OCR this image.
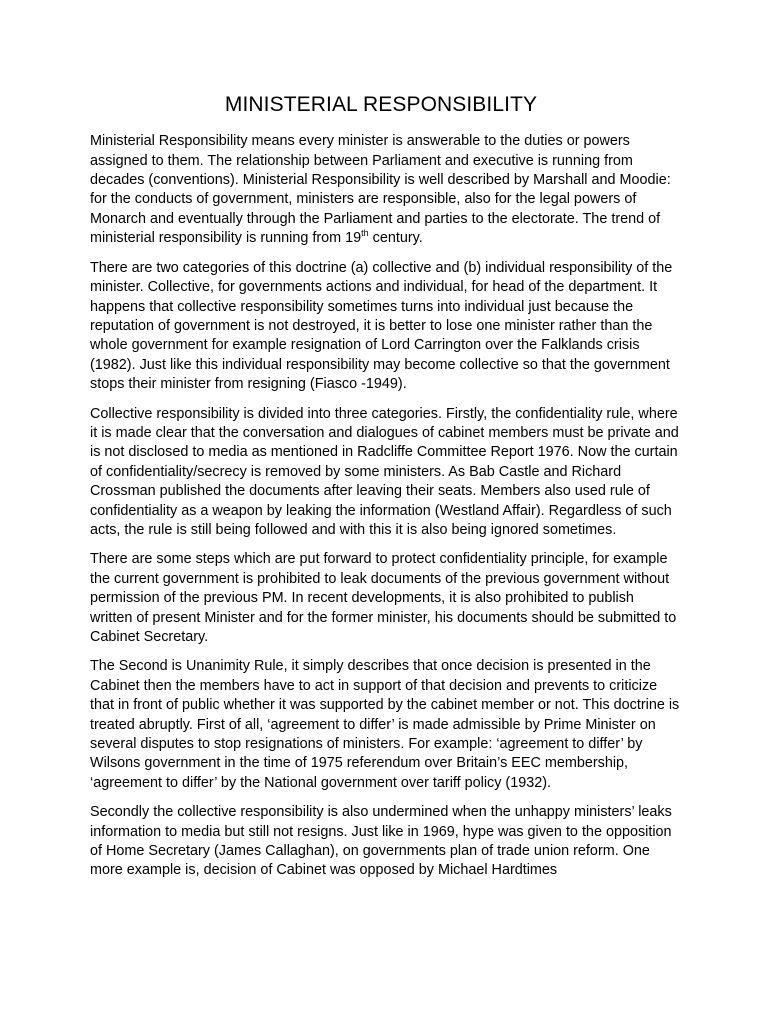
MINISTERIAL RESPONSIBILITY

Ministerial Responsibility means every minister is answerable to the duties or powers assigned to them. The relationship between Parliament and executive is running from decades (conventions). Ministerial Responsibility is well described by Marshall and Moodie: for the conducts of government, ministers are responsible, also for the legal powers of Monarch and eventually through the Parliament and parties to the electorate. The trend of ministerial responsibility is running from 19th century.

There are two categories of this doctrine (a) collective and (b) individual responsibility of the minister. Collective, for governments actions and individual, for head of the department. It happens that collective responsibility sometimes turns into individual just because the reputation of government is not destroyed, it is better to lose one minister rather than the whole government for example resignation of Lord Carrington over the Falklands crisis (1982). Just like this individual responsibility may become collective so that the government stops their minister from resigning (Fiasco -1949).

Collective responsibility is divided into three categories. Firstly, the confidentiality rule, where it is made clear that the conversation and dialogues of cabinet members must be private and is not disclosed to media as mentioned in Radcliffe Committee Report 1976. Now the curtain of confidentiality/secrecy is removed by some ministers. As Bab Castle and Richard Crossman published the documents after leaving their seats. Members also used rule of confidentiality as a weapon by leaking the information (Westland Affair). Regardless of such acts, the rule is still being followed and with this it is also being ignored sometimes.

There are some steps which are put forward to protect confidentiality principle, for example the current government is prohibited to leak documents of the previous government without permission of the previous PM. In recent developments, it is also prohibited to publish written of present Minister and for the former minister, his documents should be submitted to Cabinet Secretary.

The Second is Unanimity Rule, it simply describes that once decision is presented in the Cabinet then the members have to act in support of that decision and prevents to criticize that in front of public whether it was supported by the cabinet member or not. This doctrine is treated abruptly. First of all, ‘agreement to differ’ is made admissible by Prime Minister on several disputes to stop resignations of ministers. For example: ‘agreement to differ’ by Wilsons government in the time of 1975 referendum over Britain’s EEC membership, ‘agreement to differ’ by the National government over tariff policy (1932).

Secondly the collective responsibility is also undermined when the unhappy ministers’ leaks information to media but still not resigns. Just like in 1969, hype was given to the opposition of Home Secretary (James Callaghan), on governments plan of trade union reform. One more example is, decision of Cabinet was opposed by Michael Hardtimes
